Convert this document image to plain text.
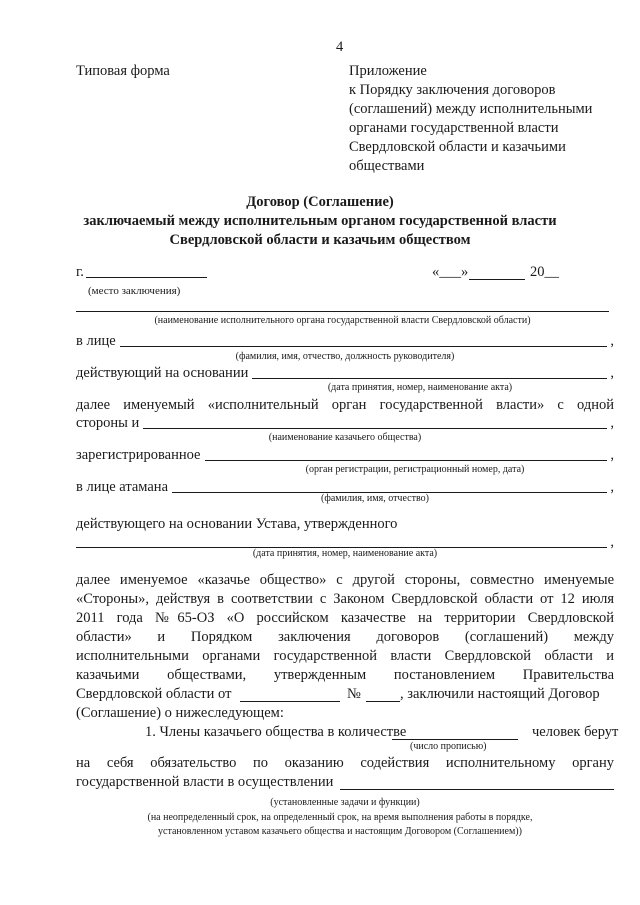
4
Типовая форма	Приложение
к Порядку заключения договоров
(соглашений) между исполнительными
органами государственной власти
Свердловской области и казачьими
обществами
Договор (Соглашение)
заключаемый между исполнительным органом государственной власти
Свердловской области и казачьим обществом
г.
(место заключения)
«___»	20__
(наименование исполнительного органа государственной власти Свердловской области)
в лице	,
(фамилия, имя, отчество, должность руководителя)
действующий на основании	,
(дата принятия, номер, наименование акта)
далее именуемый «исполнительный орган государственной власти» с одной
стороны и	,
(наименование казачьего общества)
зарегистрированное	,
(орган регистрации, регистрационный номер, дата)
в лице атамана	,
(фамилия, имя, отчество)
действующего на основании Устава, утвержденного
,
(дата принятия, номер, наименование акта)
далее именуемое «казачье общество» с другой стороны, совместно именуемые
«Стороны», действуя в соответствии с Законом Свердловской области от 12 июля
2011 года №65-ОЗ «О российском казачестве на территории Свердловской
области» и Порядком заключения договоров (соглашений) между
исполнительными органами государственной власти Свердловской области и
казачьими обществами, утвержденным постановлением Правительства
Свердловской области от	№	, заключили настоящий Договор
(Соглашение) о нижеследующем:
1. Члены казачьего общества в количестве	человек берут
(число прописью)
на себя обязательство по оказанию содействия исполнительному органу
государственной власти в осуществлении
(установленные задачи и функции)
(на неопределенный срок, на определенный срок, на время выполнения работы в порядке,
установленном уставом казачьего общества и настоящим Договором (Соглашением))
